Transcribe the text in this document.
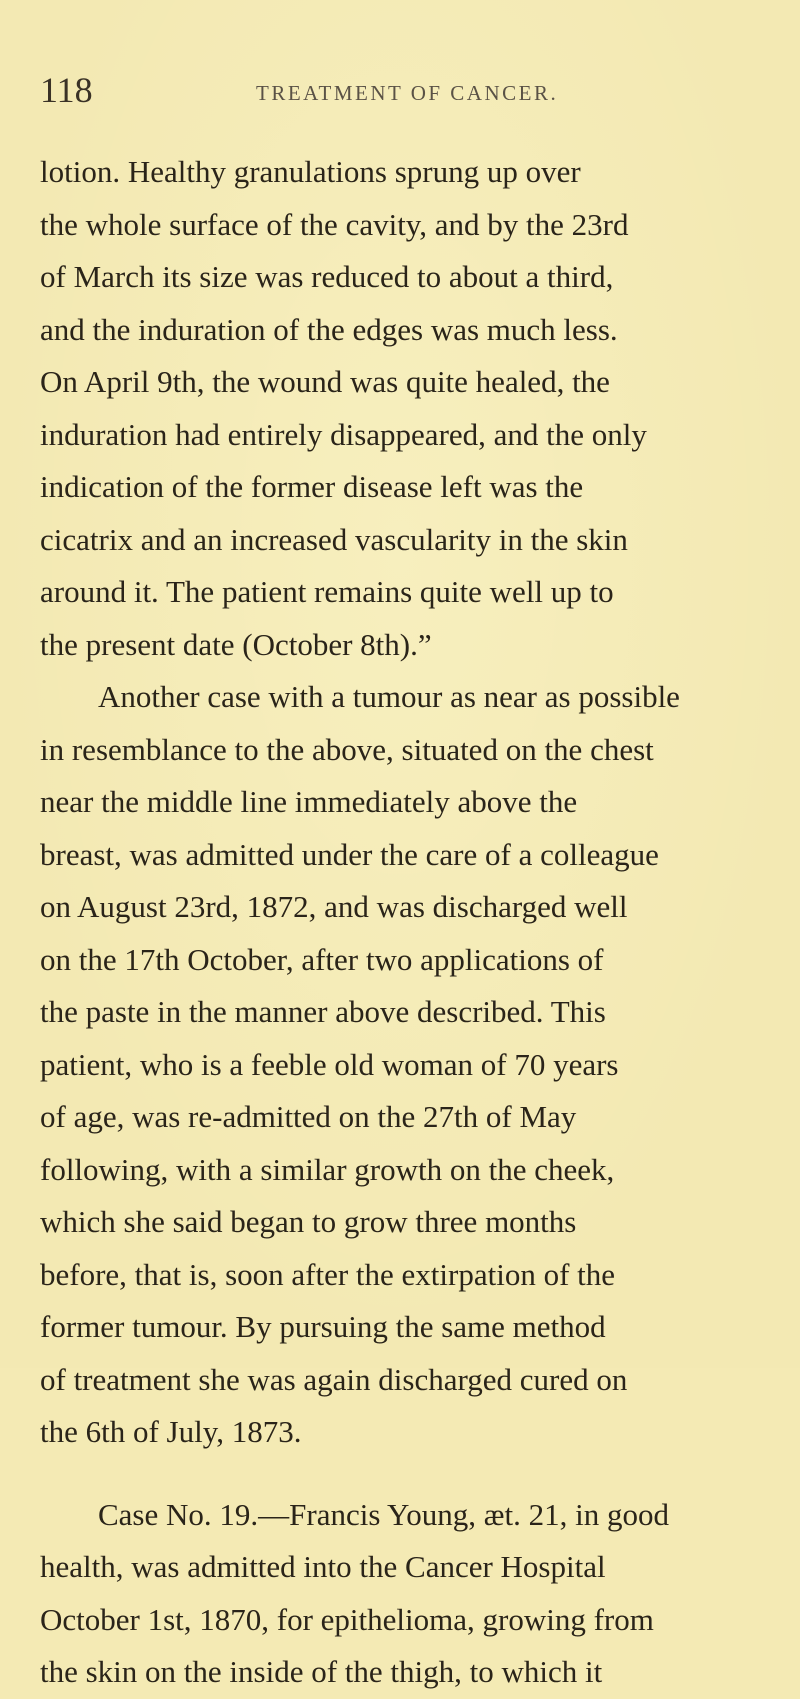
118	TREATMENT OF CANCER.
lotion. Healthy granulations sprung up over
the whole surface of the cavity, and by the 23rd
of March its size was reduced to about a third,
and the induration of the edges was much less.
On April 9th, the wound was quite healed, the
induration had entirely disappeared, and the only
indication of the former disease left was the
cicatrix and an increased vascularity in the skin
around it. The patient remains quite well up to
the present date (October 8th).”
Another case with a tumour as near as possible
in resemblance to the above, situated on the chest
near the middle line immediately above the
breast, was admitted under the care of a colleague
on August 23rd, 1872, and was discharged well
on the 17th October, after two applications of
the paste in the manner above described. This
patient, who is a feeble old woman of 70 years
of age, was re-admitted on the 27th of May
following, with a similar growth on the cheek,
which she said began to grow three months
before, that is, soon after the extirpation of the
former tumour. By pursuing the same method
of treatment she was again discharged cured on
the 6th of July, 1873.
Case No. 19.—Francis Young, æt. 21, in good
health, was admitted into the Cancer Hospital
October 1st, 1870, for epithelioma, growing from
the skin on the inside of the thigh, to which it
